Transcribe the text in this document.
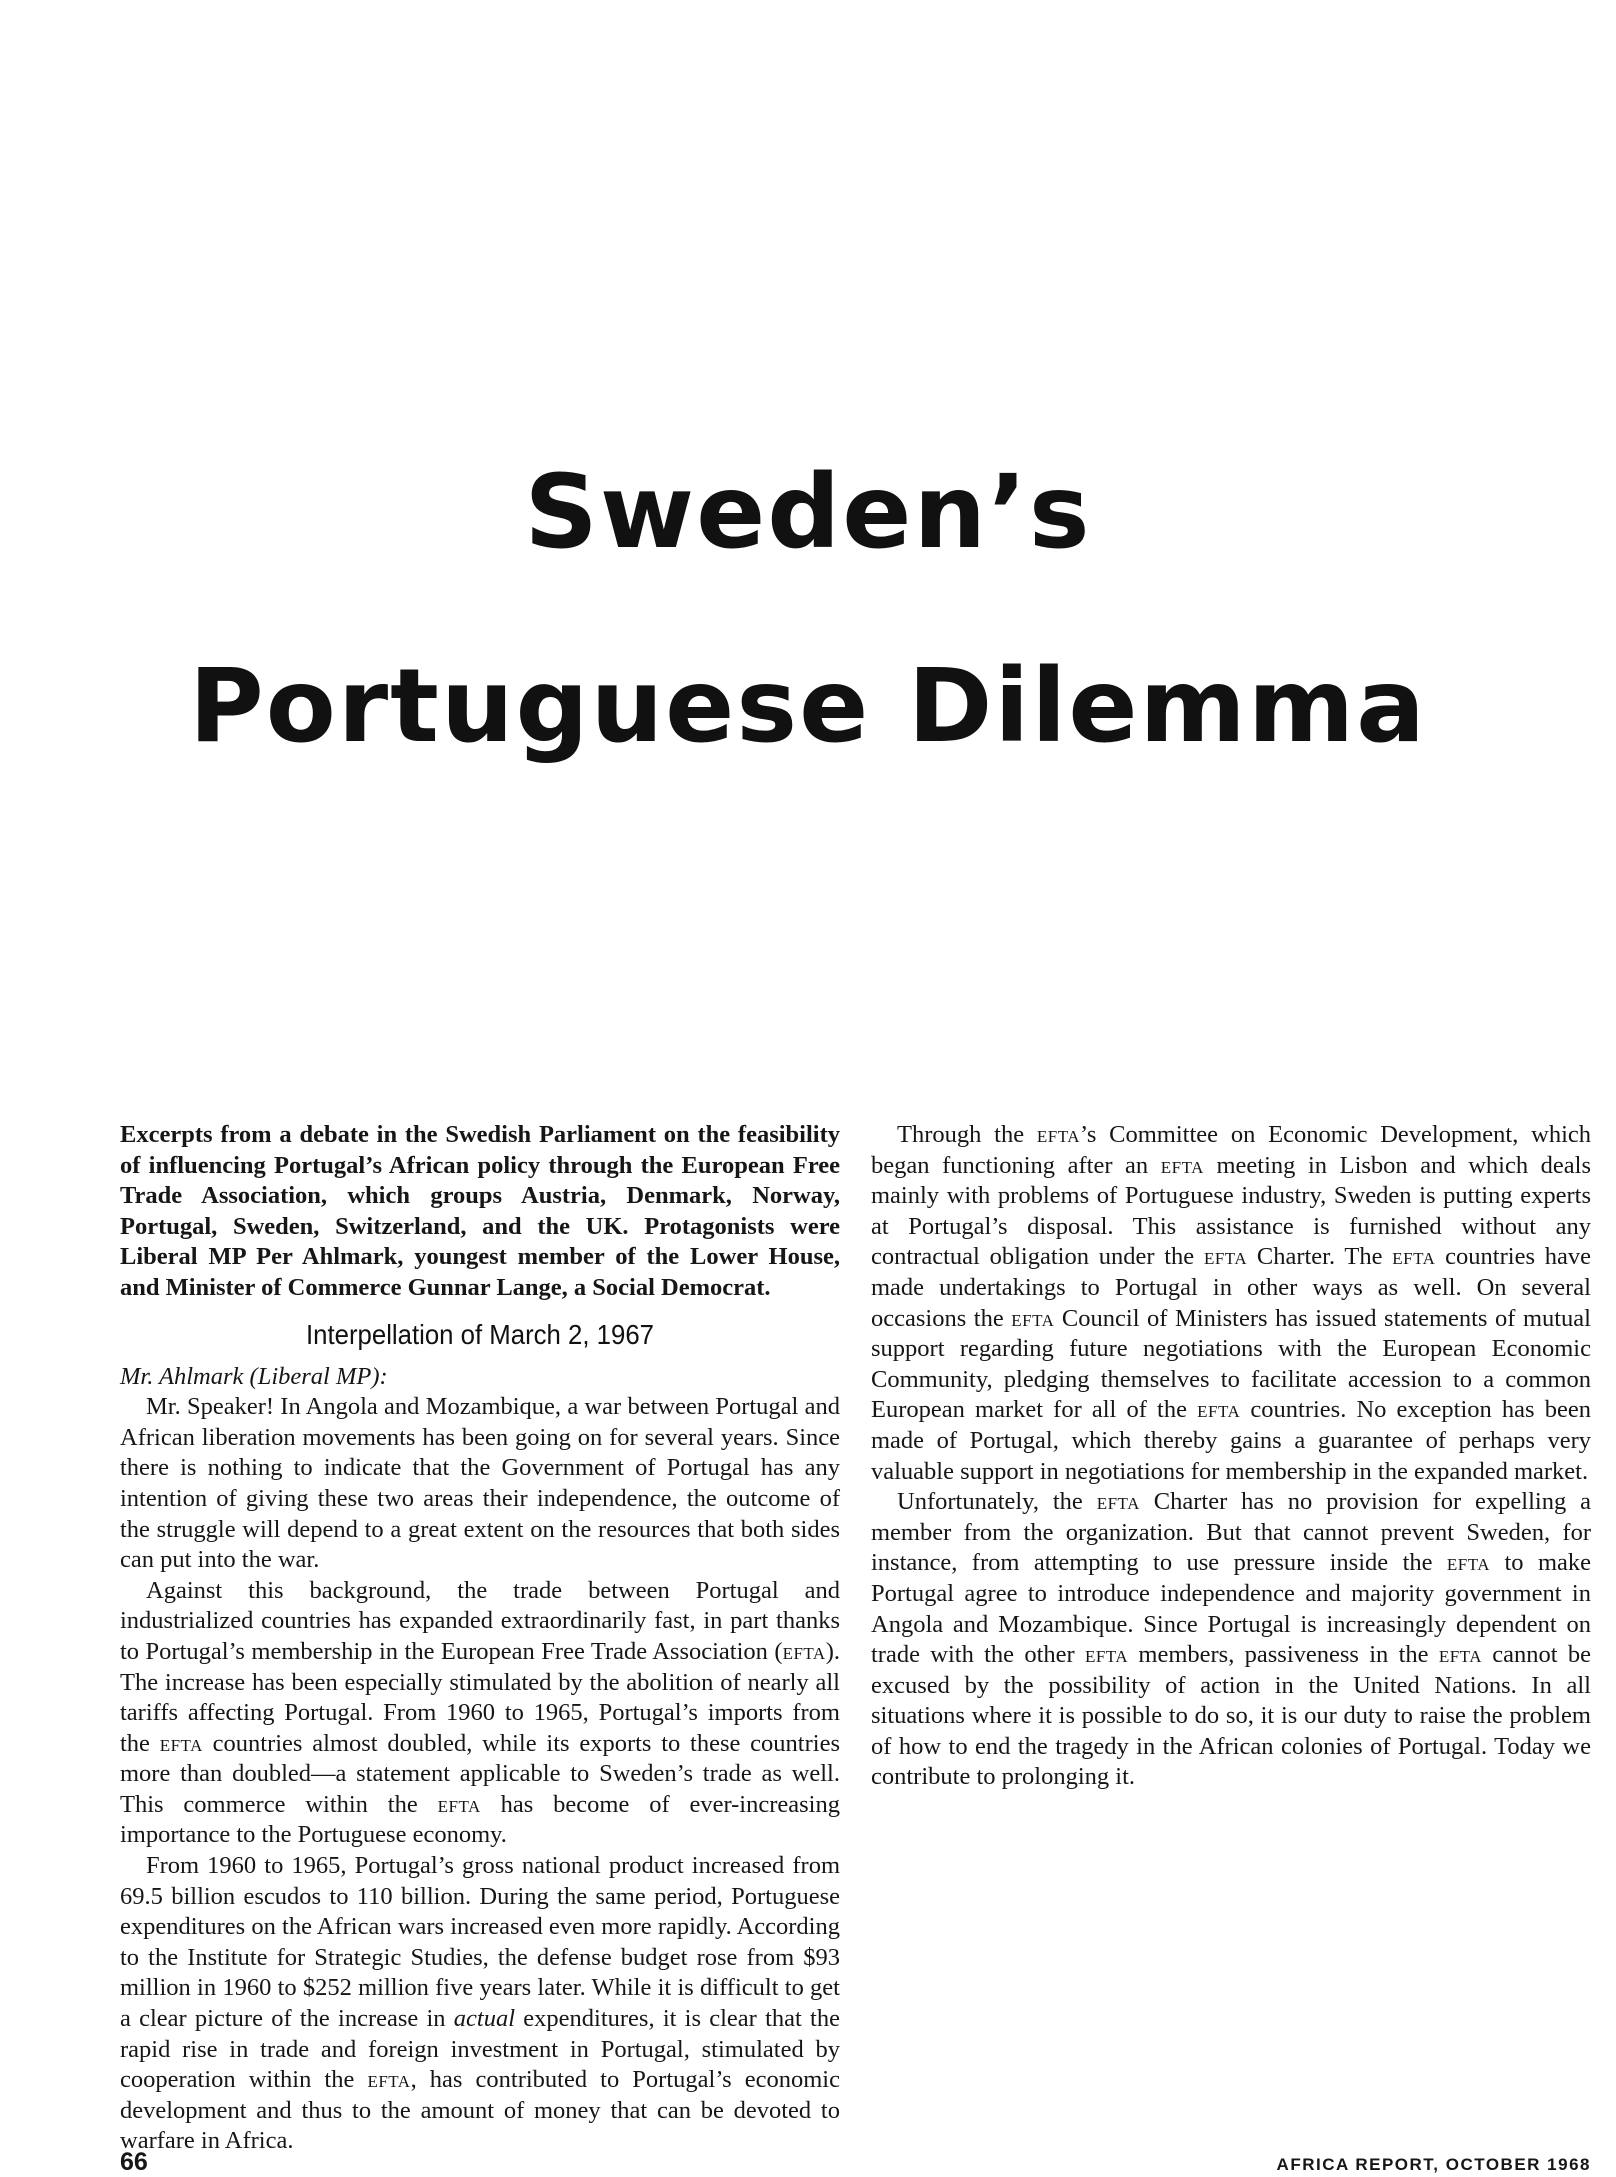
Sweden’s
Portuguese Dilemma

Excerpts from a debate in the Swedish Parliament on the feasibility of influencing Portugal’s African policy through the European Free Trade Association, which groups Austria, Denmark, Norway, Portugal, Sweden, Switzerland, and the UK. Protagonists were Liberal MP Per Ahlmark, youngest member of the Lower House, and Minister of Commerce Gunnar Lange, a Social Democrat.

Interpellation of March 2, 1967

Mr. Ahlmark (Liberal MP):

Mr. Speaker! In Angola and Mozambique, a war between Portugal and African liberation movements has been going on for several years. Since there is nothing to indicate that the Government of Portugal has any intention of giving these two areas their independence, the outcome of the struggle will depend to a great extent on the resources that both sides can put into the war.

Against this background, the trade between Portugal and industrialized countries has expanded extraordinarily fast, in part thanks to Portugal’s membership in the European Free Trade Association (efta). The increase has been especially stimulated by the abolition of nearly all tariffs affecting Portugal. From 1960 to 1965, Portugal’s imports from the efta countries almost doubled, while its exports to these countries more than doubled—a statement applicable to Sweden’s trade as well. This commerce within the efta has become of ever-increasing importance to the Portuguese economy.

From 1960 to 1965, Portugal’s gross national product increased from 69.5 billion escudos to 110 billion. During the same period, Portuguese expenditures on the African wars increased even more rapidly. According to the Institute for Strategic Studies, the defense budget rose from $93 million in 1960 to $252 million five years later. While it is difficult to get a clear picture of the increase in actual expenditures, it is clear that the rapid rise in trade and foreign investment in Portugal, stimulated by cooperation within the efta, has contributed to Portugal’s economic development and thus to the amount of money that can be devoted to warfare in Africa.

Through the efta’s Committee on Economic Development, which began functioning after an efta meeting in Lisbon and which deals mainly with problems of Portuguese industry, Sweden is putting experts at Portugal’s disposal. This assistance is furnished without any contractual obligation under the efta Charter. The efta countries have made undertakings to Portugal in other ways as well. On several occasions the efta Council of Ministers has issued statements of mutual support regarding future negotiations with the European Economic Community, pledging themselves to facilitate accession to a common European market for all of the efta countries. No exception has been made of Portugal, which thereby gains a guarantee of perhaps very valuable support in negotiations for membership in the expanded market.

Unfortunately, the efta Charter has no provision for expelling a member from the organization. But that cannot prevent Sweden, for instance, from attempting to use pressure inside the efta to make Portugal agree to introduce independence and majority government in Angola and Mozambique. Since Portugal is increasingly dependent on trade with the other efta members, passiveness in the efta cannot be excused by the possibility of action in the United Nations. In all situations where it is possible to do so, it is our duty to raise the problem of how to end the tragedy in the African colonies of Portugal. Today we contribute to prolonging it.

66	AFRICA REPORT, OCTOBER 1968
